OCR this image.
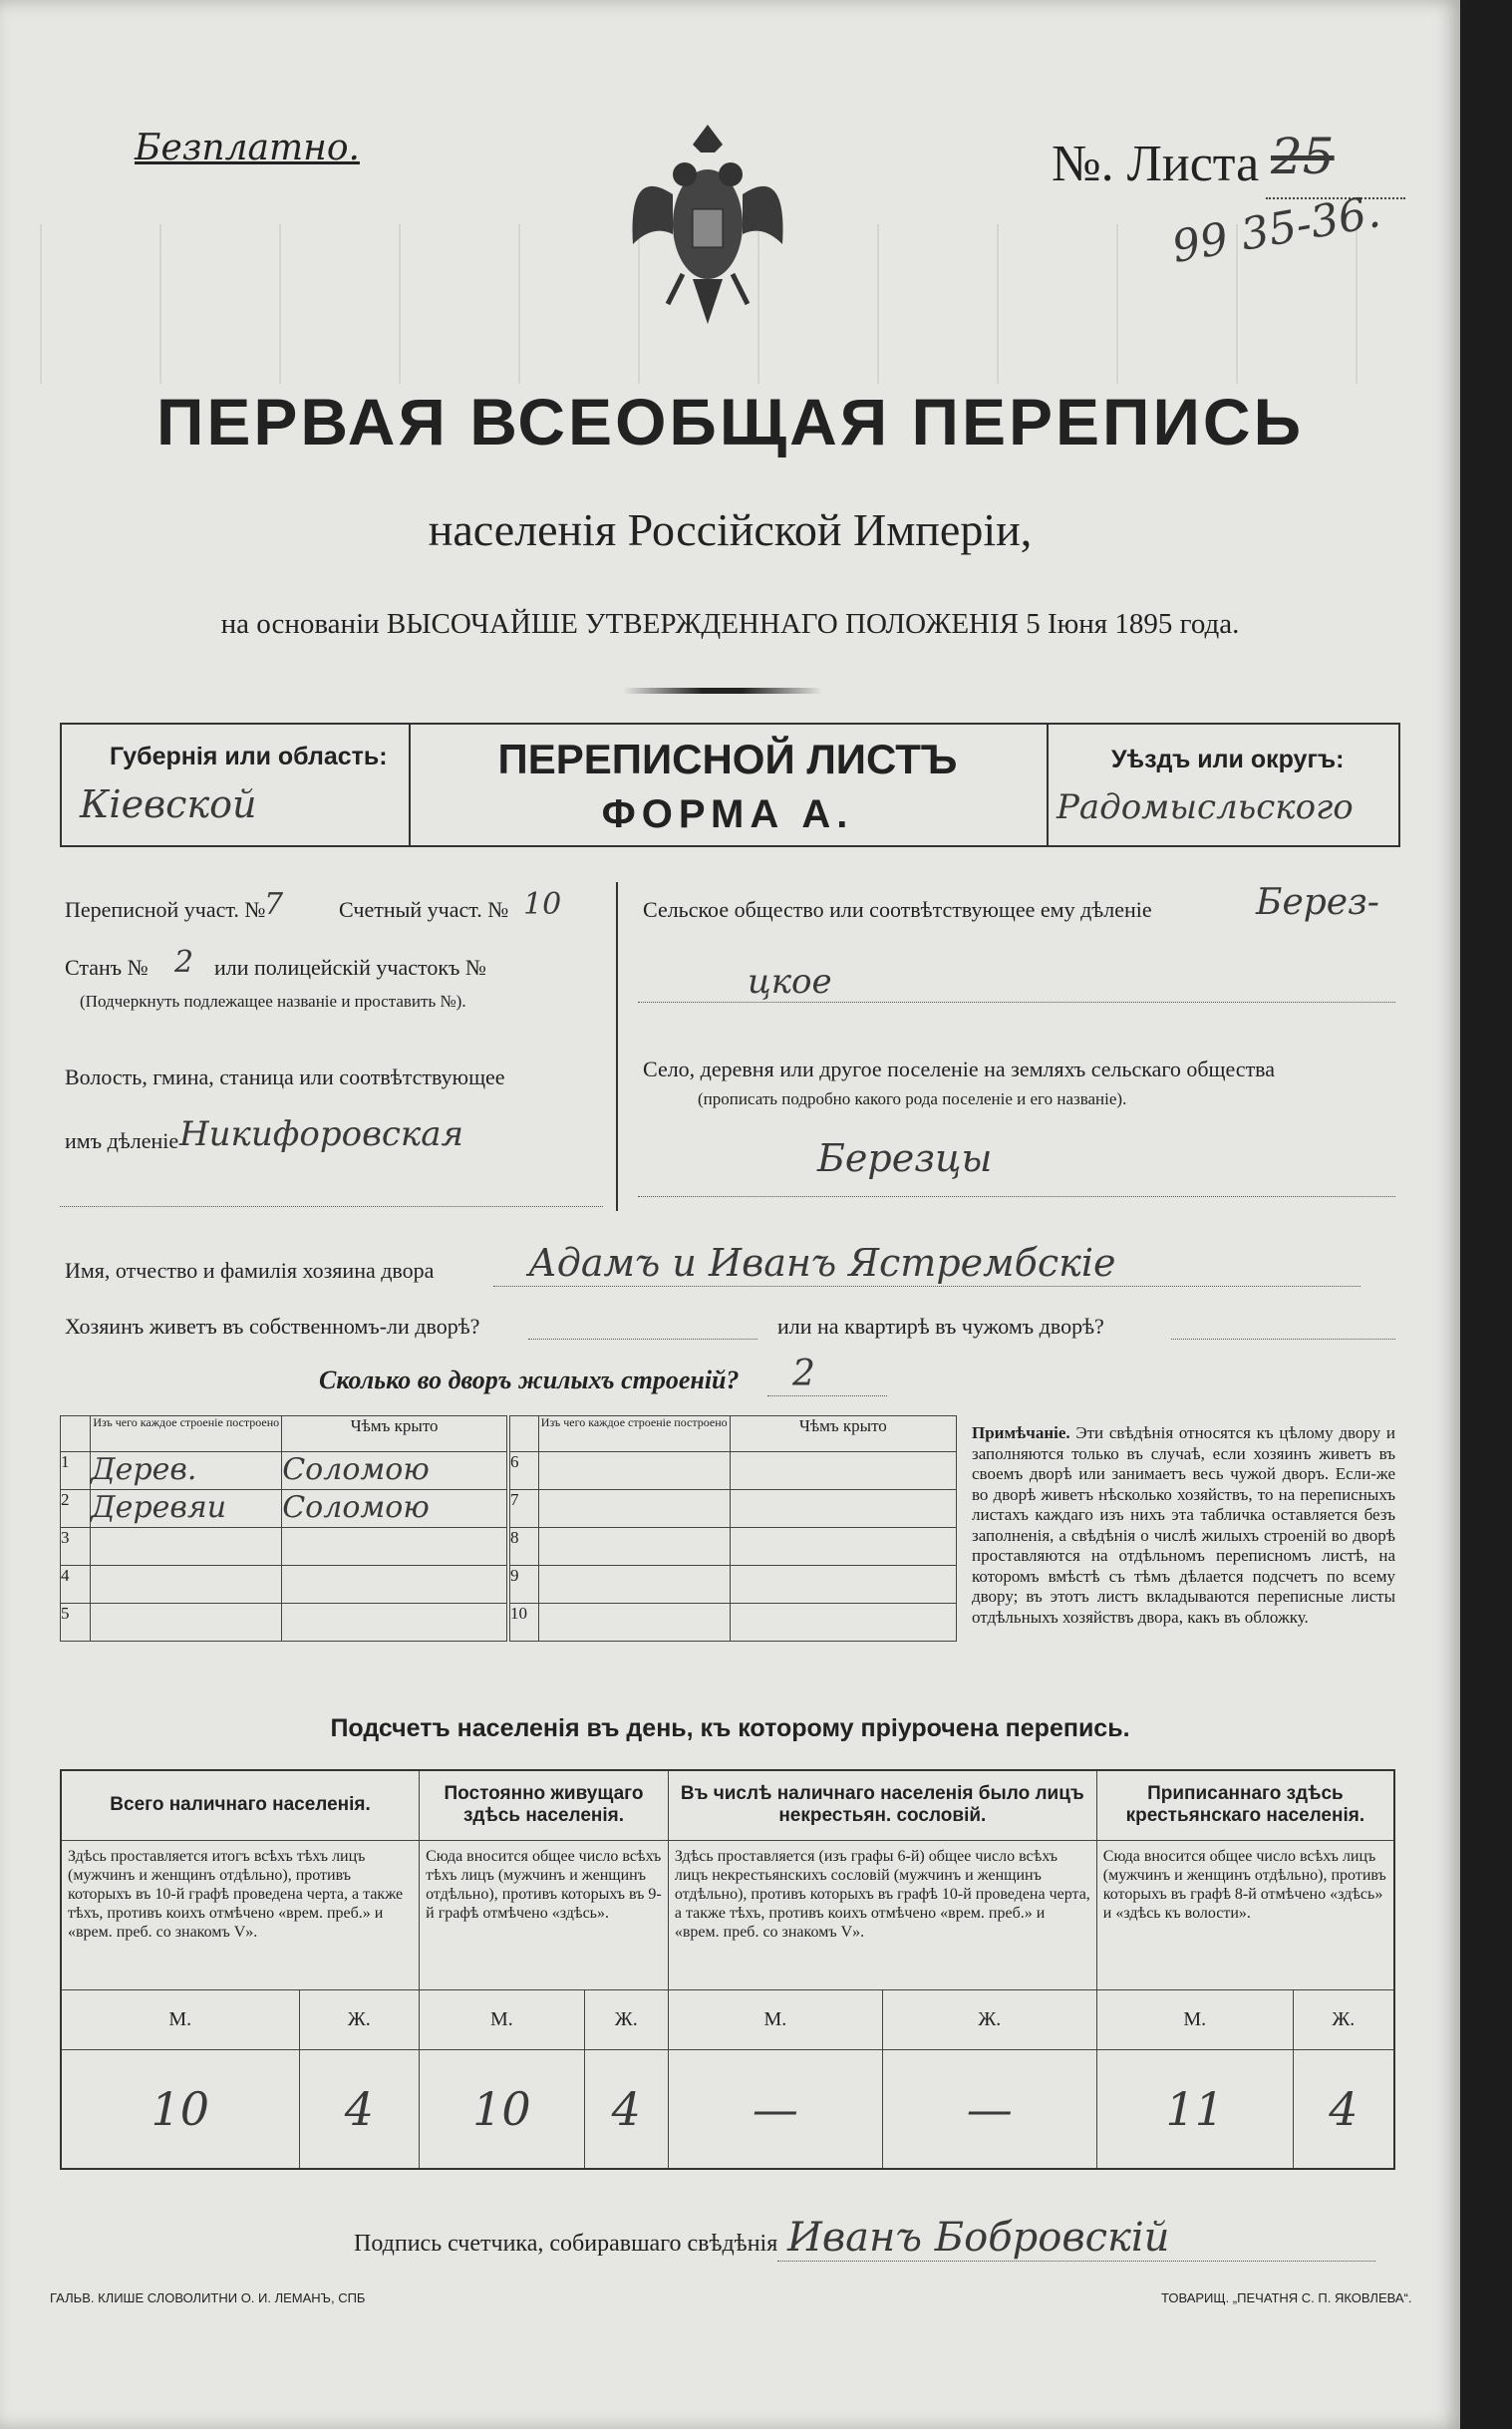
Безплатно.	№. Листа 25
99 35-36.
ПЕРВАЯ ВСЕОБЩАЯ ПЕРЕПИСЬ
населенія Россійской Имперіи,
на основаніи ВЫСОЧАЙШЕ УТВЕРЖДЕННАГО ПОЛОЖЕНІЯ 5 Іюня 1895 года.
Губернія или область:
Кіевской
ПЕРЕПИСНОЙ ЛИСТЪ
ФОРМА А.
Уѣздъ или округъ:
Радомысльского
Переписной участ. №
7	Счетный участ. № 10
Станъ № 2 или полицейскій участокъ №
(Подчеркнуть подлежащее названіе и проставить №).
Волость, гмина, станица или соотвѣтствующее
имъ дѣленіе Никифоровская
Сельское общество или соотвѣтствующее ему дѣленіе	Берез-
цкое
Село, деревня или другое поселеніе на земляхъ сельскаго общества
(прописать подробно какого рода поселеніе и его названіе).
Березцы
Имя, отчество и фамилія хозяина двора Адамъ и Иванъ Ястрембскіе
Хозяинъ живетъ въ собственномъ-ли дворѣ?	или на квартирѣ въ чужомъ дворѣ?
Сколько во дворъ жилыхъ строеній? 2
	Изъ чего каждое строеніе построено	Чѣмъ крыто		Изъ чего каждое строеніе построено	Чѣмъ крыто
1	Дерев.	Соломою	6		
2	Деревяи	Соломою	7		
3			8		
4			9		
5			10		
Примѣчаніе. Эти свѣдѣнія относятся къ цѣлому двору и заполняются только въ случаѣ, если хозяинъ живетъ въ своемъ дворѣ или занимаетъ весь чужой дворъ. Если-же во дворѣ живетъ нѣсколько хозяйствъ, то на переписныхъ листахъ каждаго изъ нихъ эта табличка оставляется безъ заполненія, а свѣдѣнія о числѣ жилыхъ строеній во дворѣ проставляются на отдѣльномъ переписномъ листѣ, на которомъ вмѣстѣ съ тѣмъ дѣлается подсчетъ по всему двору; въ этотъ листъ вкладываются переписные листы отдѣльныхъ хозяйствъ двора, какъ въ обложку.
Подсчетъ населенія въ день, къ которому пріурочена перепись.
Всего наличнаго населенія.		Постоянно живущаго здѣсь населенія.		Въ числѣ наличнаго населенія было лицъ некрестьян. сословій.		Приписаннаго здѣсь крестьянскаго населенія.	
Здѣсь проставляется итогъ всѣхъ тѣхъ лицъ (мужчинъ и женщинъ отдѣльно), противъ которыхъ въ 10-й графѣ проведена черта, а также тѣхъ, противъ коихъ отмѣчено «врем. преб.» и «врем. преб. со знакомъ V».		Сюда вносится общее число всѣхъ тѣхъ лицъ (мужчинъ и женщинъ отдѣльно), противъ которыхъ въ 9-й графѣ отмѣчено «здѣсь».		Здѣсь проставляется (изъ графы 6-й) общее число всѣхъ лицъ некрестьянскихъ сословій (мужчинъ и женщинъ отдѣльно), противъ которыхъ въ графѣ 10-й проведена черта, а также тѣхъ, противъ коихъ отмѣчено «врем. преб.» и «врем. преб. со знакомъ V».		Сюда вносится общее число всѣхъ лицъ (мужчинъ и женщинъ отдѣльно), противъ которыхъ въ графѣ 8-й отмѣчено «здѣсь» и «здѣсь къ волости».	
М.	Ж.	М.	Ж.	М.	Ж.	М.	Ж.
10	4	10	4	—	—	11	4
Подпись счетчика, собиравшаго свѣдѣнія Иванъ Бобровскій
ГАЛЬВ. КЛИШЕ СЛОВОЛИТНИ О. И. ЛЕМАНЪ, СПБ	ТОВАРИЩ. „ПЕЧАТНЯ С. П. ЯКОВЛЕВА“.
